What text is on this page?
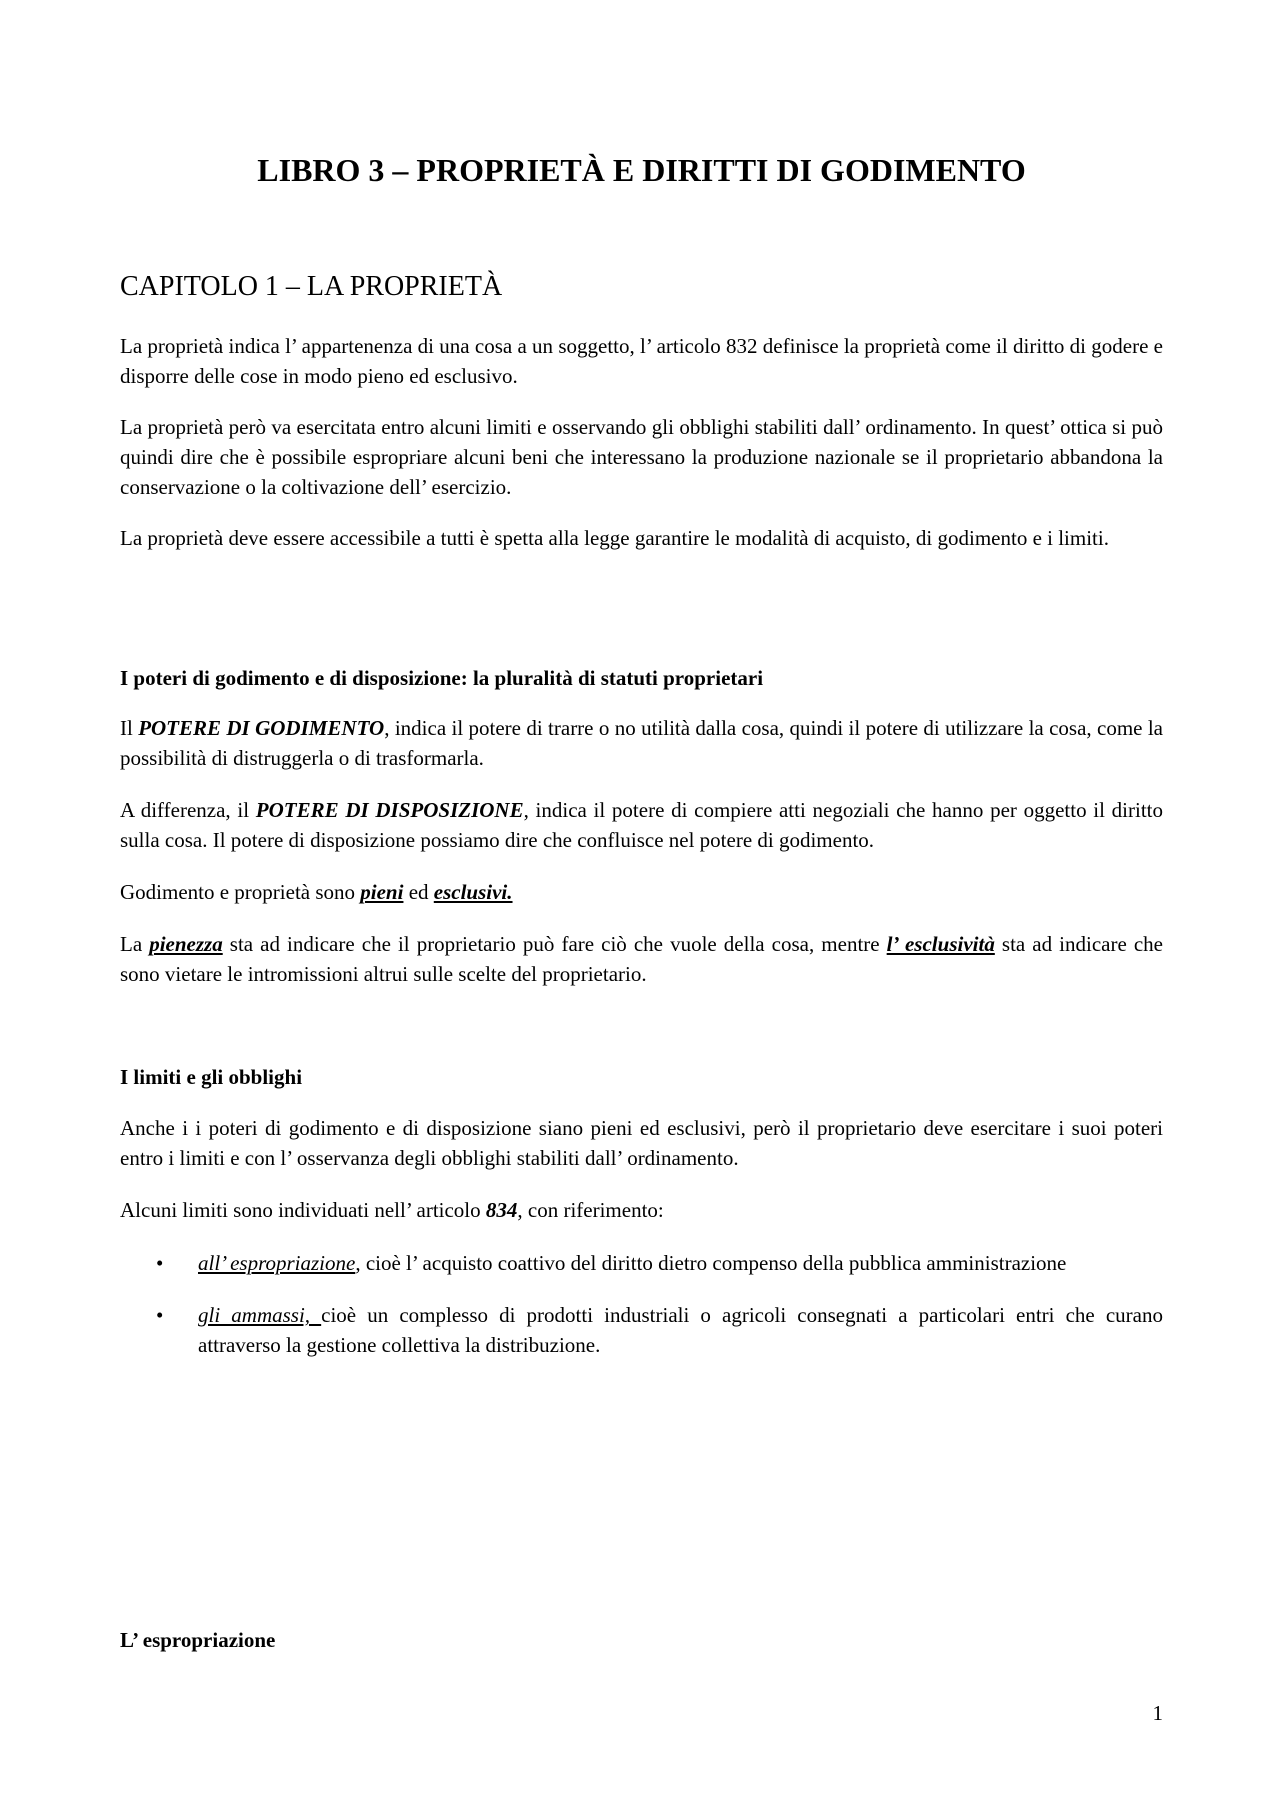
LIBRO 3 – PROPRIETÀ E DIRITTI DI GODIMENTO
CAPITOLO 1 – LA PROPRIETÀ

La proprietà indica l’ appartenenza di una cosa a un soggetto, l’ articolo 832 definisce la proprietà come il diritto di godere e disporre delle cose in modo pieno ed esclusivo.

La proprietà però va esercitata entro alcuni limiti e osservando gli obblighi stabiliti dall’ ordinamento. In quest’ ottica si può quindi dire che è possibile espropriare alcuni beni che interessano la produzione nazionale se il proprietario abbandona la conservazione o la coltivazione dell’ esercizio.

La proprietà deve essere accessibile a tutti è spetta alla legge garantire le modalità di acquisto, di godimento e i limiti.

I poteri di godimento e di disposizione: la pluralità di statuti proprietari

Il POTERE DI GODIMENTO, indica il potere di trarre o no utilità dalla cosa, quindi il potere di utilizzare la cosa, come la possibilità di distruggerla o di trasformarla.

A differenza, il POTERE DI DISPOSIZIONE, indica il potere di compiere atti negoziali che hanno per oggetto il diritto sulla cosa. Il potere di disposizione possiamo dire che confluisce nel potere di godimento.

Godimento e proprietà sono pieni ed esclusivi.

La pienezza sta ad indicare che il proprietario può fare ciò che vuole della cosa, mentre l’ esclusività sta ad indicare che sono vietare le intromissioni altrui sulle scelte del proprietario.

I limiti e gli obblighi

Anche i i poteri di godimento e di disposizione siano pieni ed esclusivi, però il proprietario deve esercitare i suoi poteri entro i limiti e con l’ osservanza degli obblighi stabiliti dall’ ordinamento.

Alcuni limiti sono individuati nell’ articolo 834, con riferimento:

• all’ espropriazione, cioè l’ acquisto coattivo del diritto dietro compenso della pubblica amministrazione
• gli ammassi, cioè un complesso di prodotti industriali o agricoli consegnati a particolari entri che curano attraverso la gestione collettiva la distribuzione.
L’ espropriazione
1
